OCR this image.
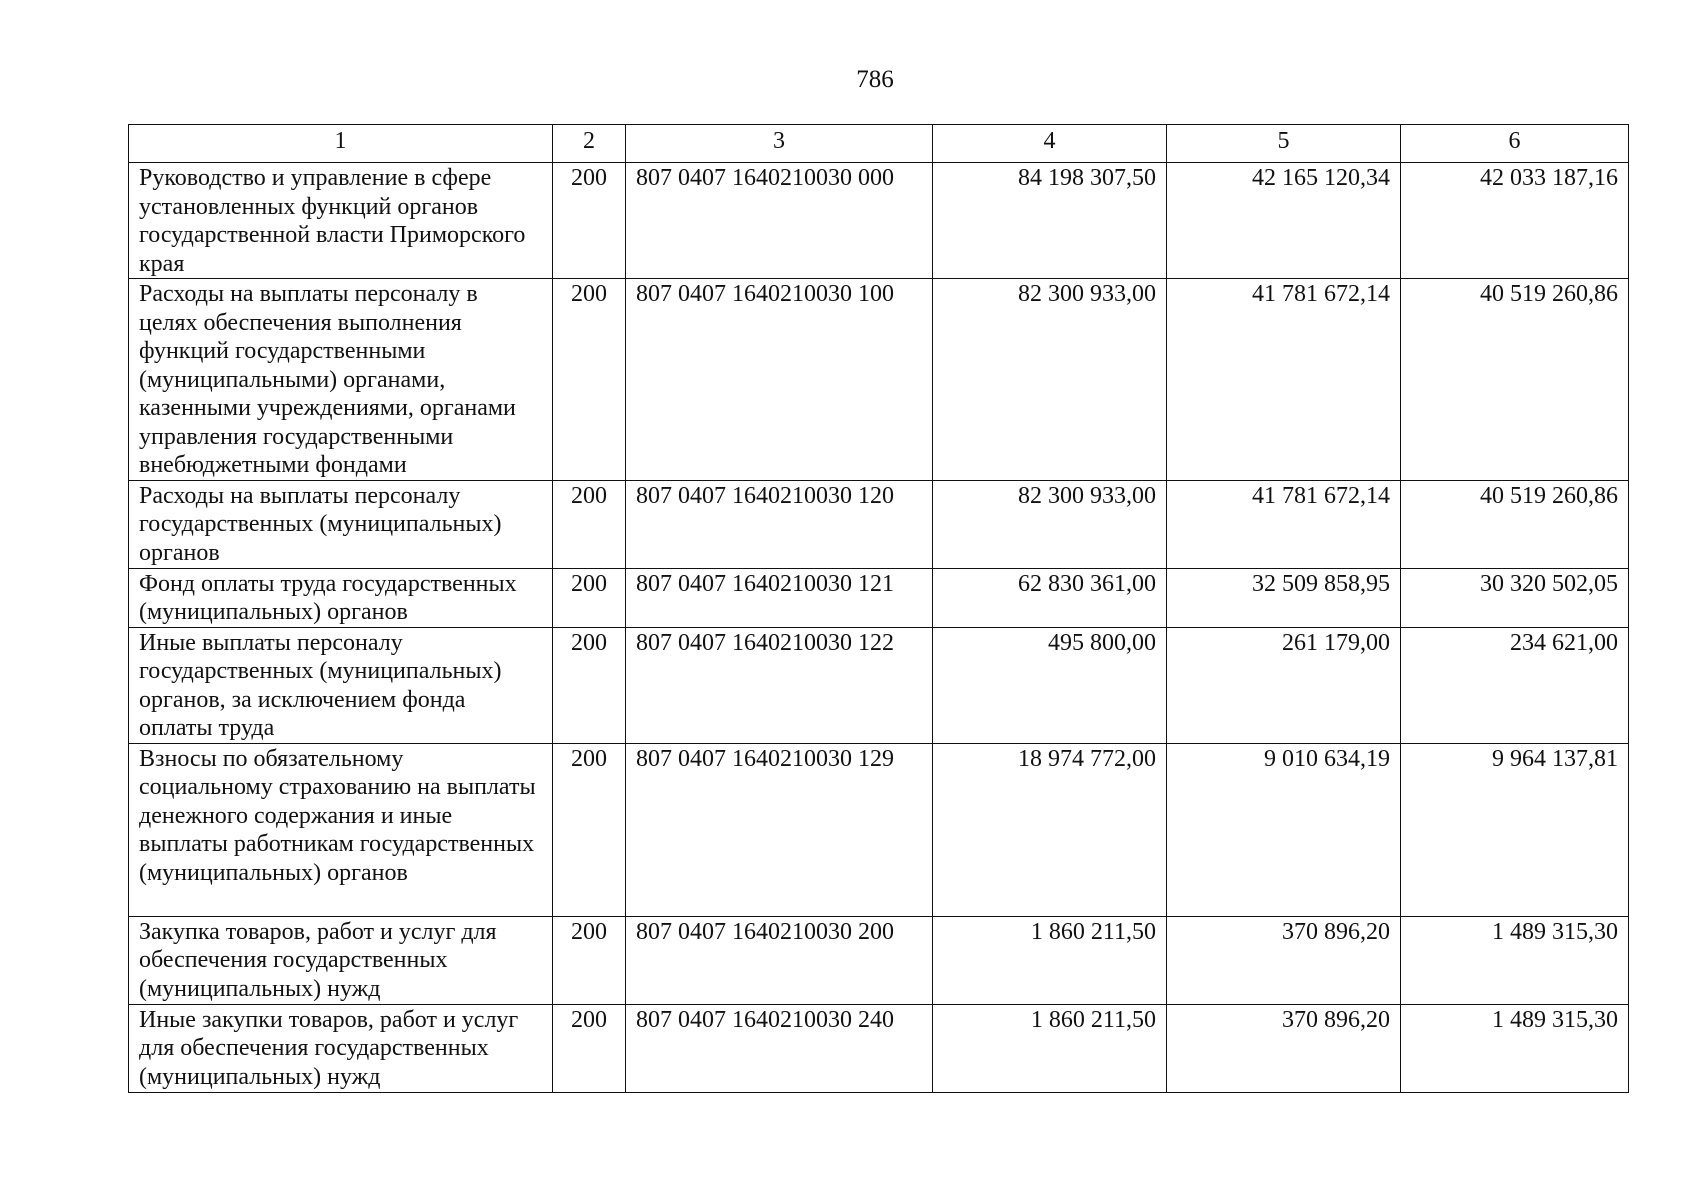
786
1	2	3	4	5	6
Руководство и управление в сфере установленных функций органов государственной власти Приморского края	200	807 0407 1640210030 000	84 198 307,50	42 165 120,34	42 033 187,16
Расходы на выплаты персоналу в целях обеспечения выполнения функций государственными (муниципальными) органами, казенными учреждениями, органами управления государственными внебюджетными фондами	200	807 0407 1640210030 100	82 300 933,00	41 781 672,14	40 519 260,86
Расходы на выплаты персоналу государственных (муниципальных) органов	200	807 0407 1640210030 120	82 300 933,00	41 781 672,14	40 519 260,86
Фонд оплаты труда государственных (муниципальных) органов	200	807 0407 1640210030 121	62 830 361,00	32 509 858,95	30 320 502,05
Иные выплаты персоналу государственных (муниципальных) органов, за исключением фонда оплаты труда	200	807 0407 1640210030 122	495 800,00	261 179,00	234 621,00
Взносы по обязательному социальному страхованию на выплаты денежного содержания и иные выплаты работникам государственных (муниципальных) органов	200	807 0407 1640210030 129	18 974 772,00	9 010 634,19	9 964 137,81
Закупка товаров, работ и услуг для обеспечения государственных (муниципальных) нужд	200	807 0407 1640210030 200	1 860 211,50	370 896,20	1 489 315,30
Иные закупки товаров, работ и услуг для обеспечения государственных (муниципальных) нужд	200	807 0407 1640210030 240	1 860 211,50	370 896,20	1 489 315,30
